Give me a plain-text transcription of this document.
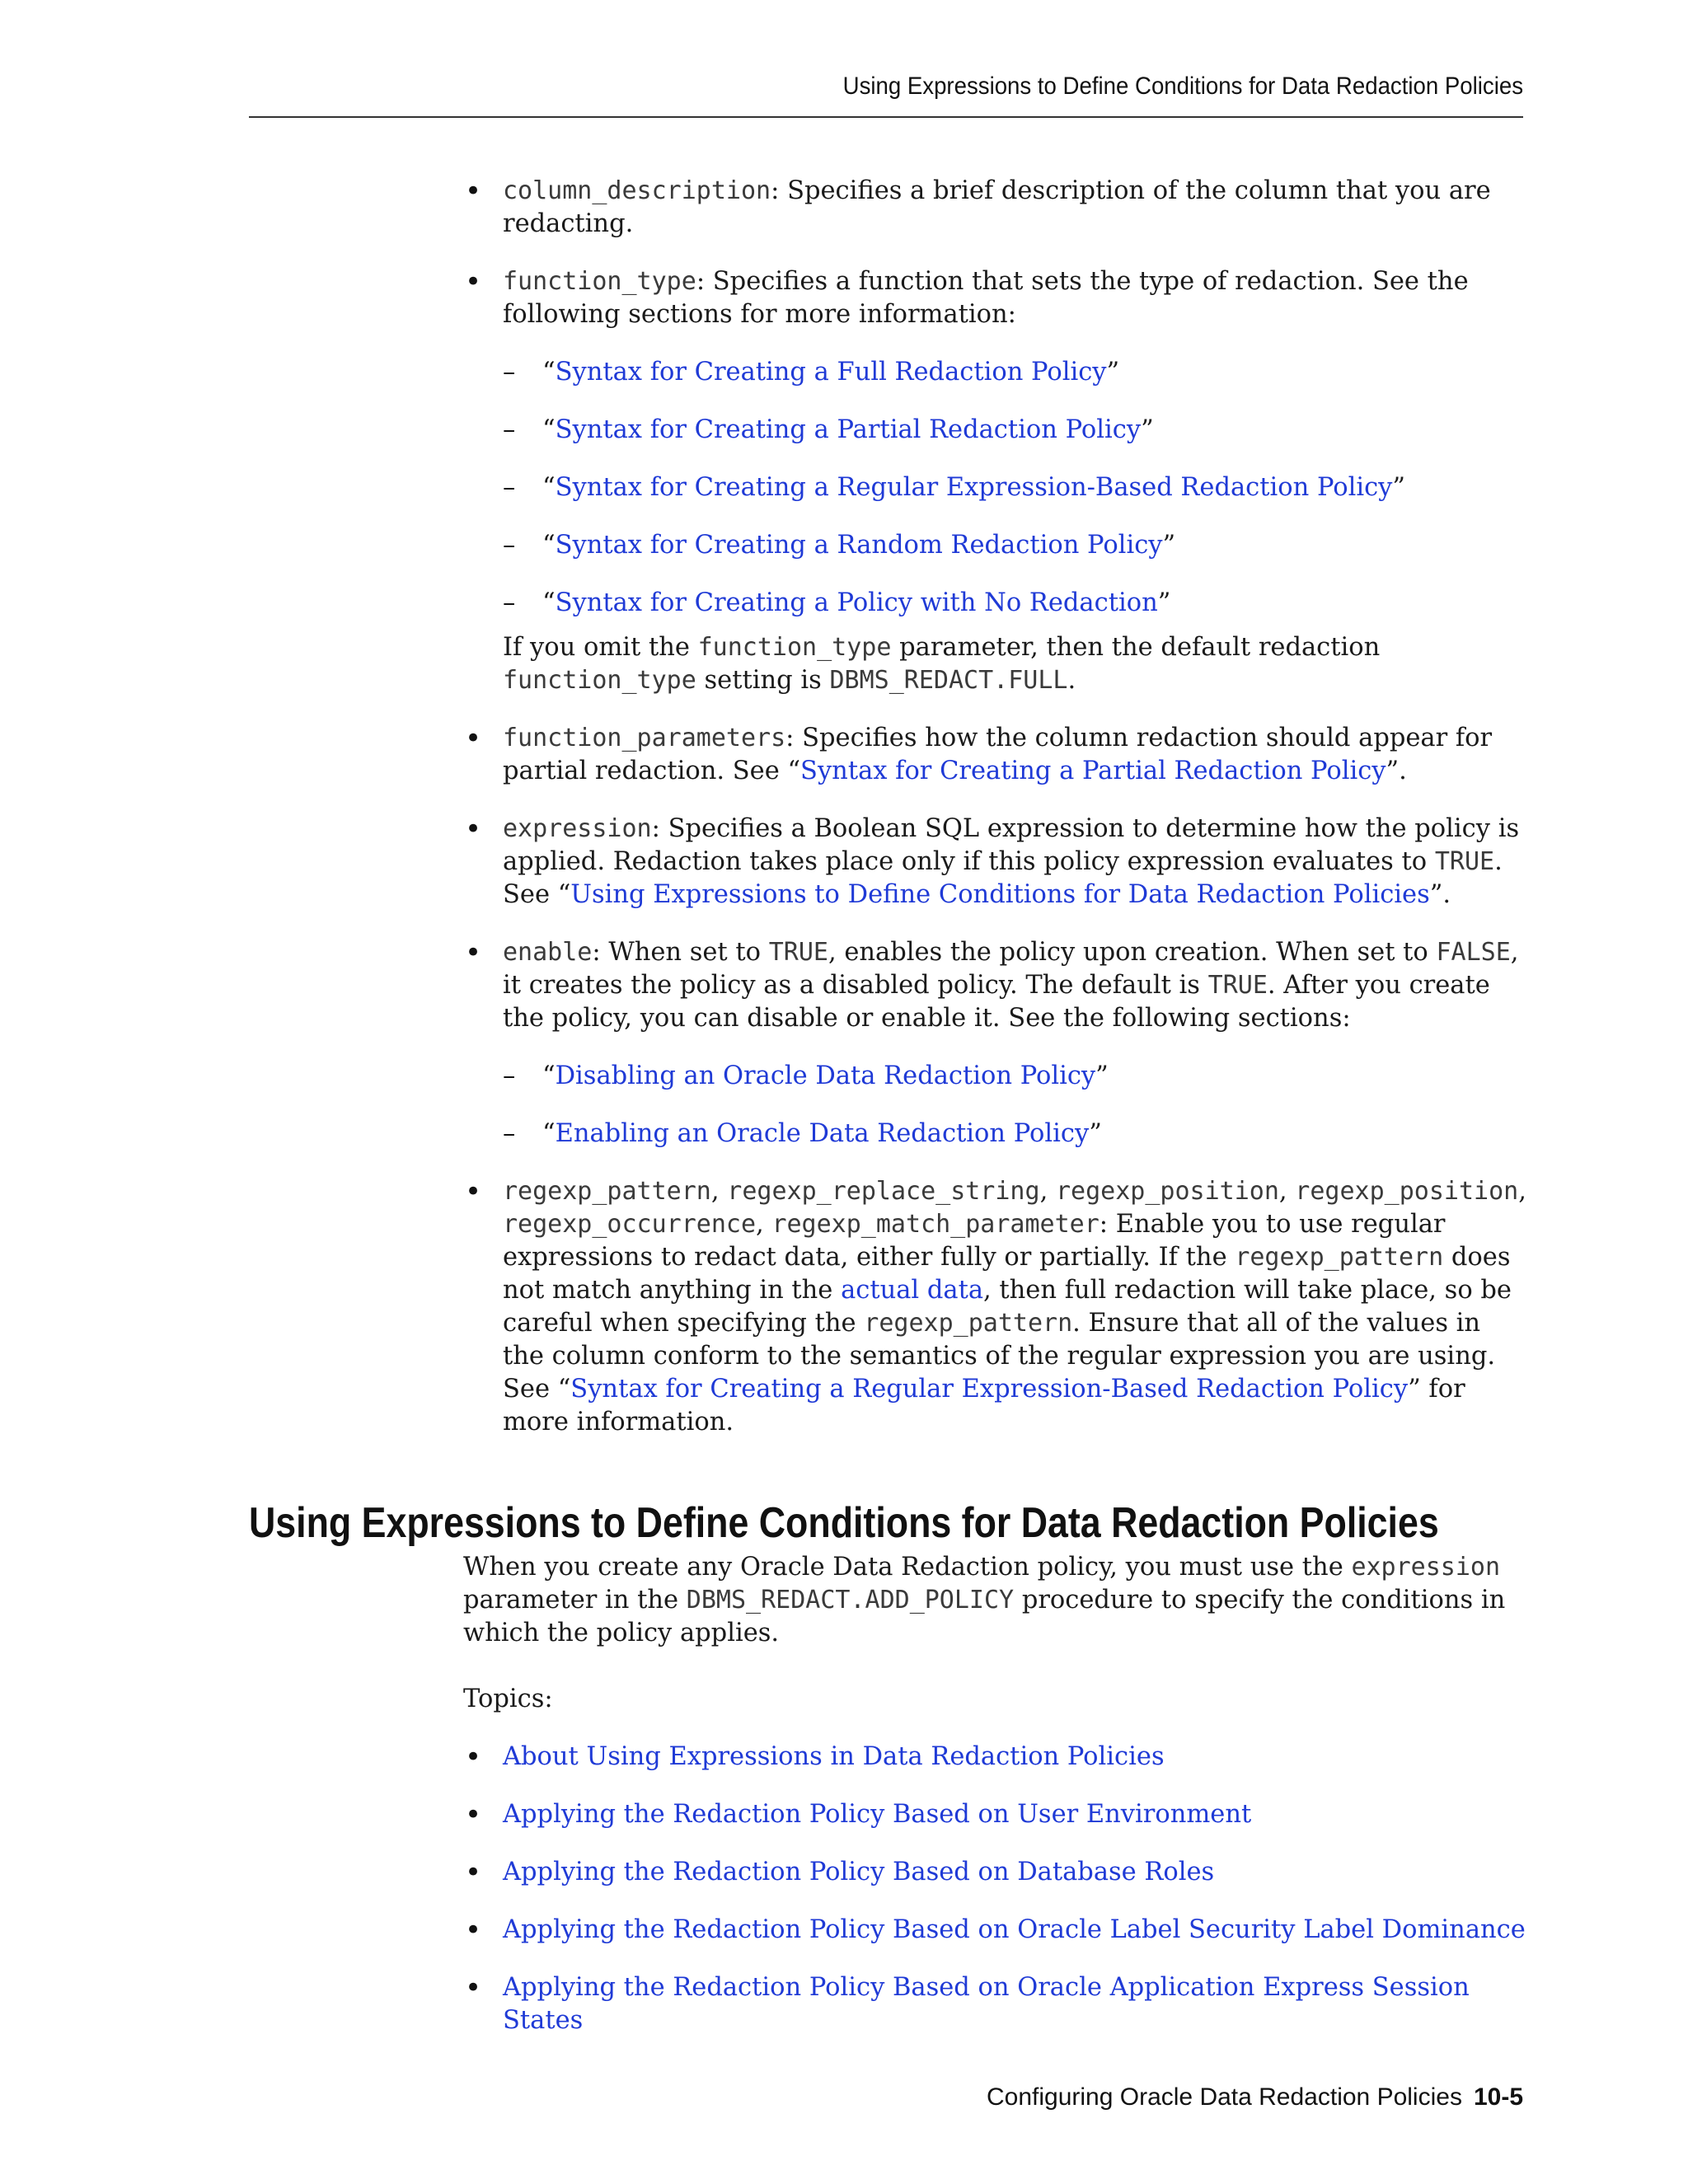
Using Expressions to Define Conditions for Data Redaction Policies
• column_description: Specifies a brief description of the column that you are redacting.
• function_type: Specifies a function that sets the type of redaction. See the following sections for more information:
– “Syntax for Creating a Full Redaction Policy”
– “Syntax for Creating a Partial Redaction Policy”
– “Syntax for Creating a Regular Expression-Based Redaction Policy”
– “Syntax for Creating a Random Redaction Policy”
– “Syntax for Creating a Policy with No Redaction”
If you omit the function_type parameter, then the default redaction function_type setting is DBMS_REDACT.FULL.
• function_parameters: Specifies how the column redaction should appear for partial redaction. See “Syntax for Creating a Partial Redaction Policy”.
• expression: Specifies a Boolean SQL expression to determine how the policy is applied. Redaction takes place only if this policy expression evaluates to TRUE. See “Using Expressions to Define Conditions for Data Redaction Policies”.
• enable: When set to TRUE, enables the policy upon creation. When set to FALSE, it creates the policy as a disabled policy. The default is TRUE. After you create the policy, you can disable or enable it. See the following sections:
– “Disabling an Oracle Data Redaction Policy”
– “Enabling an Oracle Data Redaction Policy”
• regexp_pattern, regexp_replace_string, regexp_position, regexp_position, regexp_occurrence, regexp_match_parameter: Enable you to use regular expressions to redact data, either fully or partially. If the regexp_pattern does not match anything in the actual data, then full redaction will take place, so be careful when specifying the regexp_pattern. Ensure that all of the values in the column conform to the semantics of the regular expression you are using. See “Syntax for Creating a Regular Expression-Based Redaction Policy” for more information.
Using Expressions to Define Conditions for Data Redaction Policies

When you create any Oracle Data Redaction policy, you must use the expression parameter in the DBMS_REDACT.ADD_POLICY procedure to specify the conditions in which the policy applies.

Topics:

• About Using Expressions in Data Redaction Policies
• Applying the Redaction Policy Based on User Environment
• Applying the Redaction Policy Based on Database Roles
• Applying the Redaction Policy Based on Oracle Label Security Label Dominance
• Applying the Redaction Policy Based on Oracle Application Express Session States
Configuring Oracle Data Redaction Policies 10-5
